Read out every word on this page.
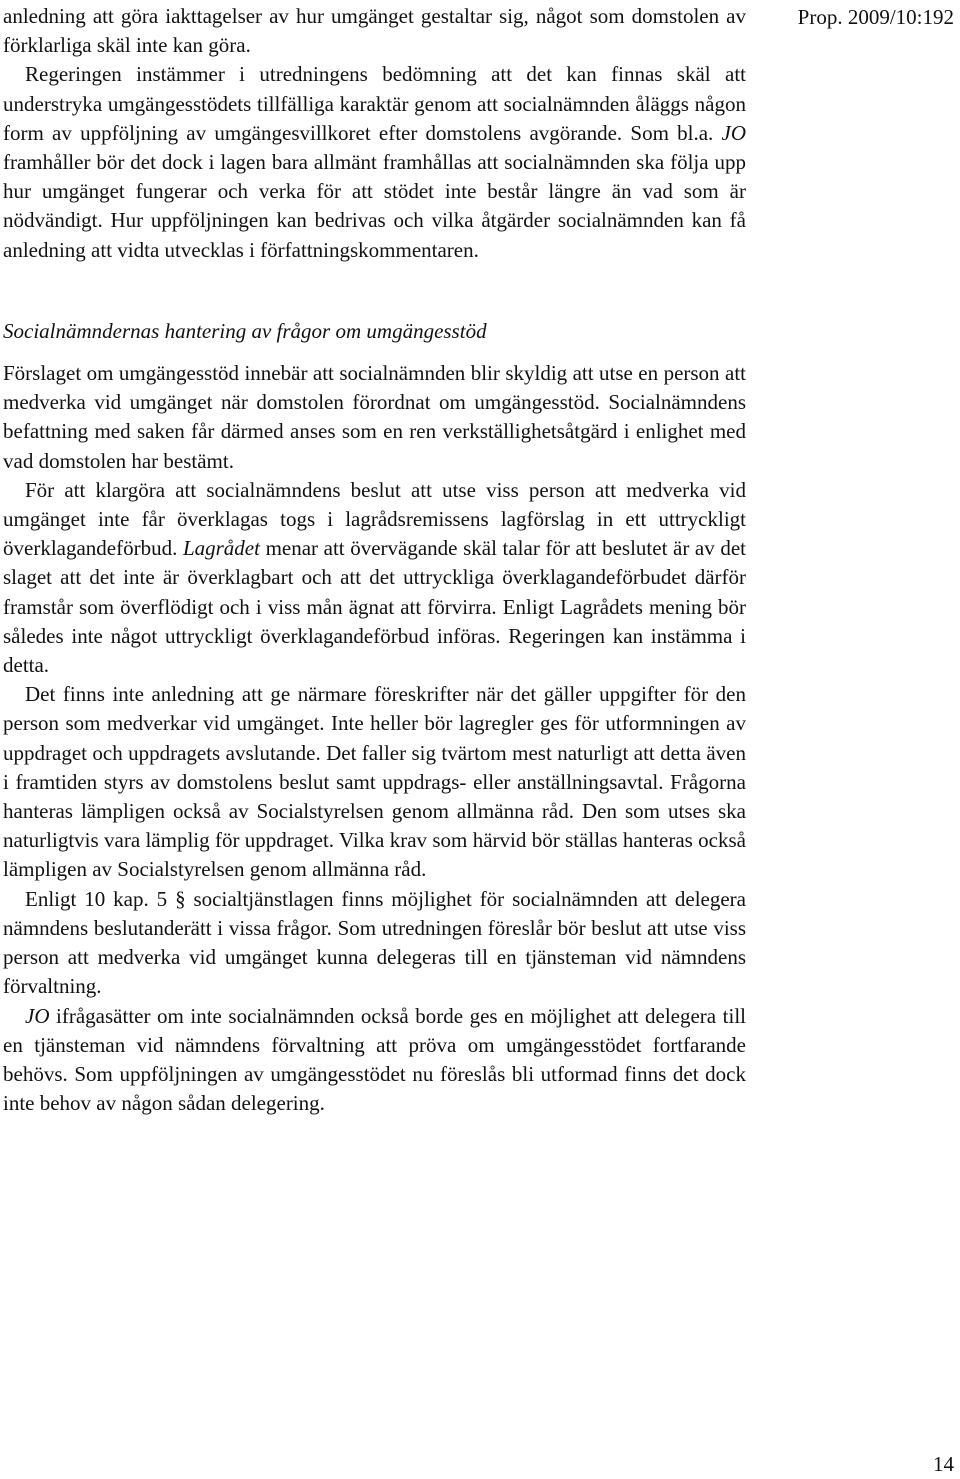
Prop. 2009/10:192

anledning att göra iakttagelser av hur umgänget gestaltar sig, något som domstolen av förklarliga skäl inte kan göra.

Regeringen instämmer i utredningens bedömning att det kan finnas skäl att understryka umgängesstödets tillfälliga karaktär genom att socialnämnden åläggs någon form av uppföljning av umgängesvillkoret efter domstolens avgörande. Som bl.a. JO framhåller bör det dock i lagen bara allmänt framhållas att socialnämnden ska följa upp hur umgänget fungerar och verka för att stödet inte består längre än vad som är nödvändigt. Hur uppföljningen kan bedrivas och vilka åtgärder socialnämnden kan få anledning att vidta utvecklas i författningskommentaren.

Socialnämndernas hantering av frågor om umgängesstöd

Förslaget om umgängesstöd innebär att socialnämnden blir skyldig att utse en person att medverka vid umgänget när domstolen förordnat om umgängesstöd. Socialnämndens befattning med saken får därmed anses som en ren verkställighetsåtgärd i enlighet med vad domstolen har bestämt.

För att klargöra att socialnämndens beslut att utse viss person att medverka vid umgänget inte får överklagas togs i lagrådsremissens lagförslag in ett uttryckligt överklagandeförbud. Lagrådet menar att övervägande skäl talar för att beslutet är av det slaget att det inte är överklagbart och att det uttryckliga överklagandeförbudet därför framstår som överflödigt och i viss mån ägnat att förvirra. Enligt Lagrådets mening bör således inte något uttryckligt överklagandeförbud införas. Regeringen kan instämma i detta.

Det finns inte anledning att ge närmare föreskrifter när det gäller uppgifter för den person som medverkar vid umgänget. Inte heller bör lagregler ges för utformningen av uppdraget och uppdragets avslutande. Det faller sig tvärtom mest naturligt att detta även i framtiden styrs av domstolens beslut samt uppdrags- eller anställningsavtal. Frågorna hanteras lämpligen också av Socialstyrelsen genom allmänna råd. Den som utses ska naturligtvis vara lämplig för uppdraget. Vilka krav som härvid bör ställas hanteras också lämpligen av Socialstyrelsen genom allmänna råd.

Enligt 10 kap. 5 § socialtjänstlagen finns möjlighet för socialnämnden att delegera nämndens beslutanderätt i vissa frågor. Som utredningen föreslår bör beslut att utse viss person att medverka vid umgänget kunna delegeras till en tjänsteman vid nämndens förvaltning.

JO ifrågasätter om inte socialnämnden också borde ges en möjlighet att delegera till en tjänsteman vid nämndens förvaltning att pröva om umgängesstödet fortfarande behövs. Som uppföljningen av umgängesstödet nu föreslås bli utformad finns det dock inte behov av någon sådan delegering.

14
